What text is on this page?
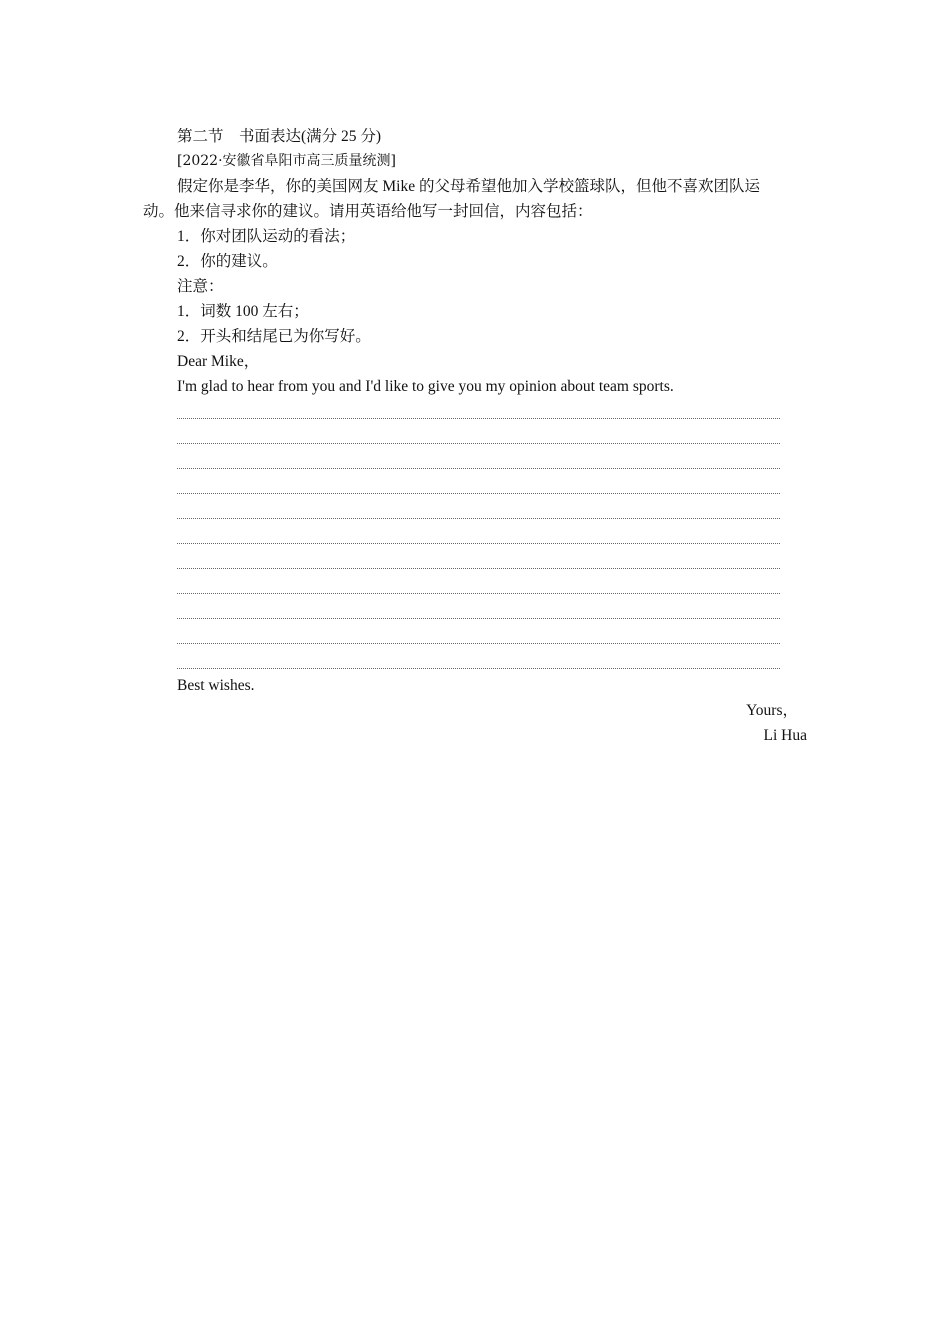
第二节　书面表达(满分 25 分)
[2022·安徽省阜阳市高三质量统测]
假定你是李华，你的美国网友 Mike 的父母希望他加入学校篮球队，但他不喜欢团队运
动。他来信寻求你的建议。请用英语给他写一封回信，内容包括：
1．你对团队运动的看法；
2．你的建议。
注意：
1．词数 100 左右；
2．开头和结尾已为你写好。
Dear Mike，
I'm glad to hear from you and I'd like to give you my opinion about team sports.
Best wishes.
Yours，
Li Hua
